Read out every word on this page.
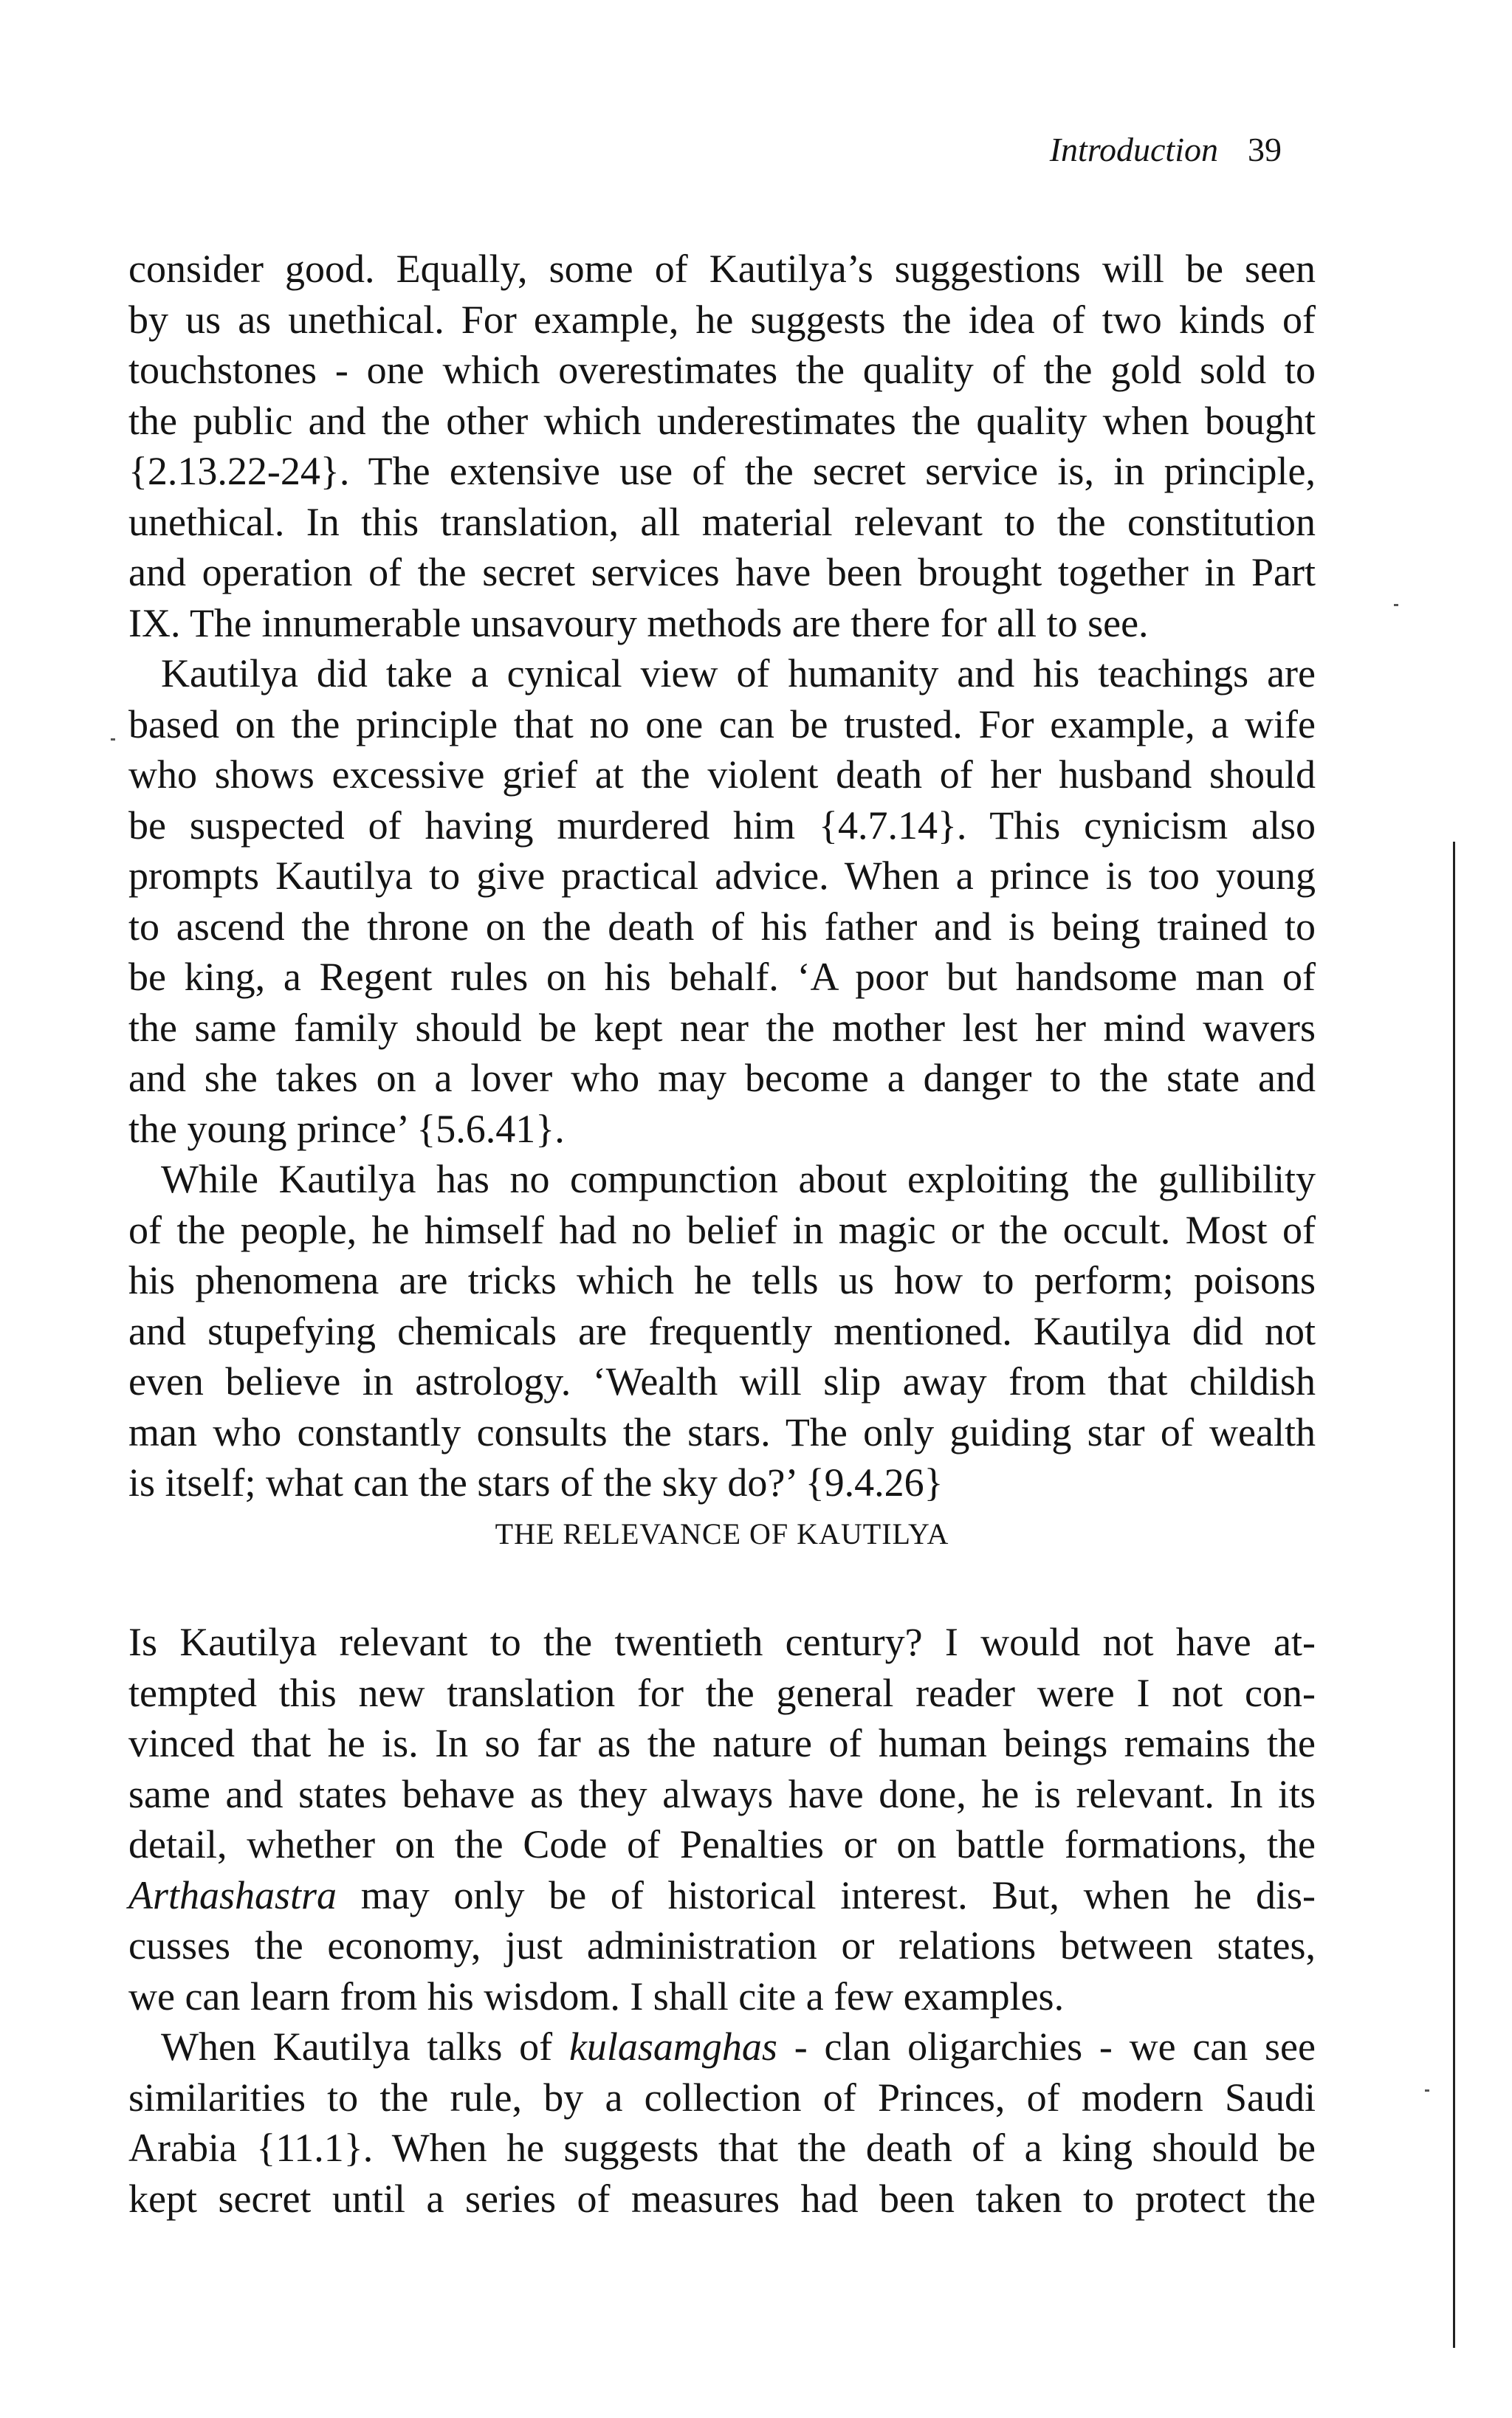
Introduction 39
consider good. Equally, some of Kautilya’s suggestions will be seen
by us as unethical. For example, he suggests the idea of two kinds of
touchstones - one which overestimates the quality of the gold sold to
the public and the other which underestimates the quality when bought
{2.13.22-24}. The extensive use of the secret service is, in principle,
unethical. In this translation, all material relevant to the constitution
and operation of the secret services have been brought together in Part
IX. The innumerable unsavoury methods are there for all to see.
Kautilya did take a cynical view of humanity and his teachings are
based on the principle that no one can be trusted. For example, a wife
who shows excessive grief at the violent death of her husband should
be suspected of having murdered him {4.7.14}. This cynicism also
prompts Kautilya to give practical advice. When a prince is too young
to ascend the throne on the death of his father and is being trained to
be king, a Regent rules on his behalf. ‘A poor but handsome man of
the same family should be kept near the mother lest her mind wavers
and she takes on a lover who may become a danger to the state and
the young prince’ {5.6.41}.
While Kautilya has no compunction about exploiting the gullibility
of the people, he himself had no belief in magic or the occult. Most of
his phenomena are tricks which he tells us how to perform; poisons
and stupefying chemicals are frequently mentioned. Kautilya did not
even believe in astrology. ‘Wealth will slip away from that childish
man who constantly consults the stars. The only guiding star of wealth
is itself; what can the stars of the sky do?’ {9.4.26}
THE RELEVANCE OF KAUTILYA
Is Kautilya relevant to the twentieth century? I would not have at-
tempted this new translation for the general reader were I not con-
vinced that he is. In so far as the nature of human beings remains the
same and states behave as they always have done, he is relevant. In its
detail, whether on the Code of Penalties or on battle formations, the
Arthashastra may only be of historical interest. But, when he dis-
cusses the economy, just administration or relations between states,
we can learn from his wisdom. I shall cite a few examples.
When Kautilya talks of kulasamghas - clan oligarchies - we can see
similarities to the rule, by a collection of Princes, of modern Saudi
Arabia {11.1}. When he suggests that the death of a king should be
kept secret until a series of measures had been taken to protect the
